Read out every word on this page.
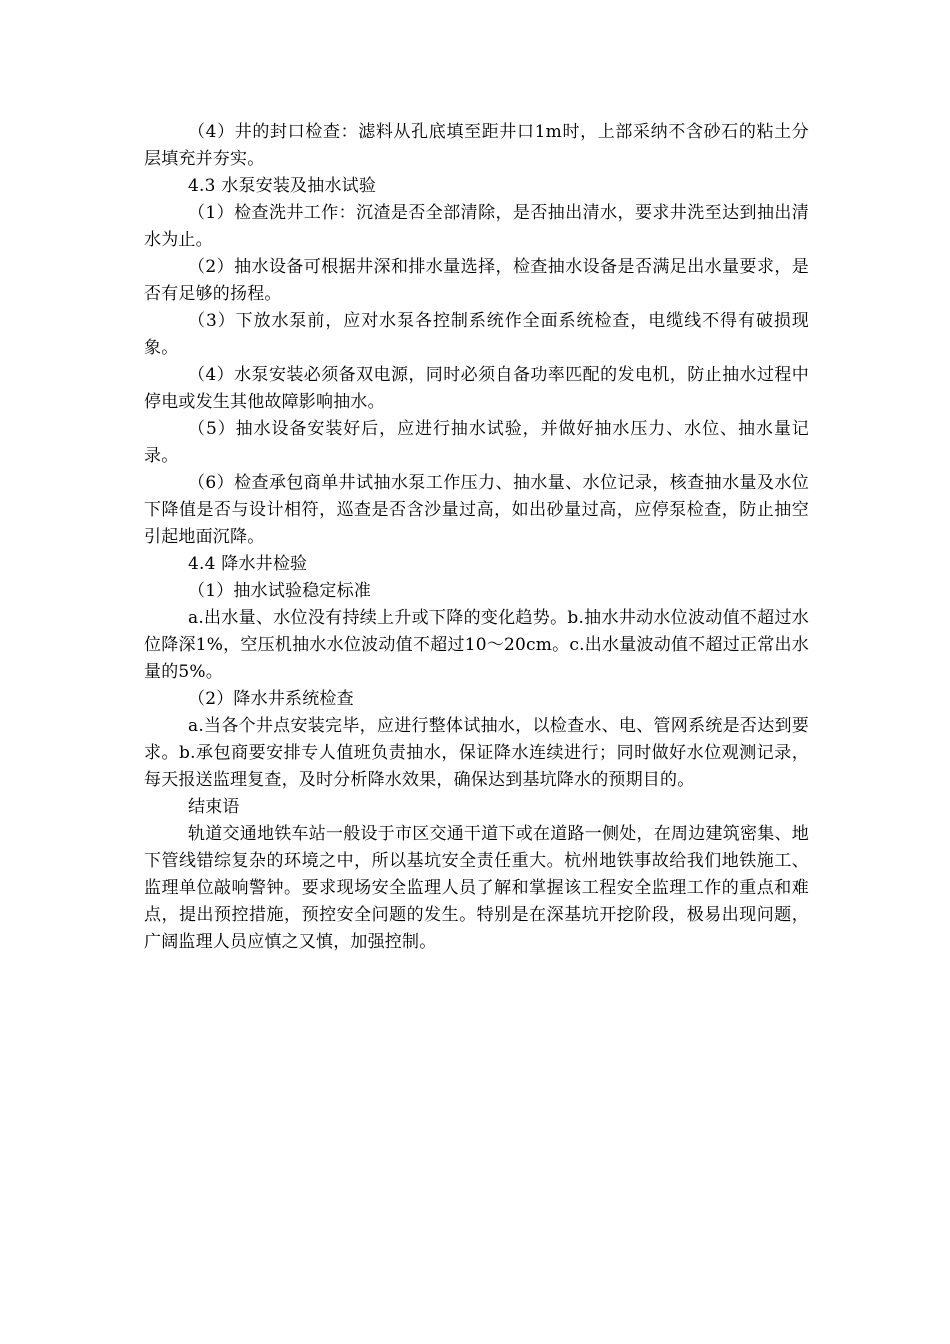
（4）井的封口检查：滤料从孔底填至距井口1m时，上部采纳不含砂石的粘土分层填充并夯实。

4.3 水泵安装及抽水试验

（1）检查洗井工作：沉渣是否全部清除，是否抽出清水，要求井洗至达到抽出清水为止。

（2）抽水设备可根据井深和排水量选择，检查抽水设备是否满足出水量要求，是否有足够的扬程。

（3）下放水泵前，应对水泵各控制系统作全面系统检查，电缆线不得有破损现象。

（4）水泵安装必须备双电源，同时必须自备功率匹配的发电机，防止抽水过程中停电或发生其他故障影响抽水。

（5）抽水设备安装好后，应进行抽水试验，并做好抽水压力、水位、抽水量记录。

（6）检查承包商单井试抽水泵工作压力、抽水量、水位记录，核查抽水量及水位下降值是否与设计相符，巡查是否含沙量过高，如出砂量过高，应停泵检查，防止抽空引起地面沉降。

4.4 降水井检验

（1）抽水试验稳定标准

a.出水量、水位没有持续上升或下降的变化趋势。b.抽水井动水位波动值不超过水位降深1%，空压机抽水水位波动值不超过10～20cm。c.出水量波动值不超过正常出水量的5%。

（2）降水井系统检查

a.当各个井点安装完毕，应进行整体试抽水，以检查水、电、管网系统是否达到要求。b.承包商要安排专人值班负责抽水，保证降水连续进行；同时做好水位观测记录，每天报送监理复查，及时分析降水效果，确保达到基坑降水的预期目的。

结束语

轨道交通地铁车站一般设于市区交通干道下或在道路一侧处，在周边建筑密集、地下管线错综复杂的环境之中，所以基坑安全责任重大。杭州地铁事故给我们地铁施工、监理单位敲响警钟。要求现场安全监理人员了解和掌握该工程安全监理工作的重点和难点，提出预控措施，预控安全问题的发生。特别是在深基坑开挖阶段，极易出现问题，广阔监理人员应慎之又慎，加强控制。
